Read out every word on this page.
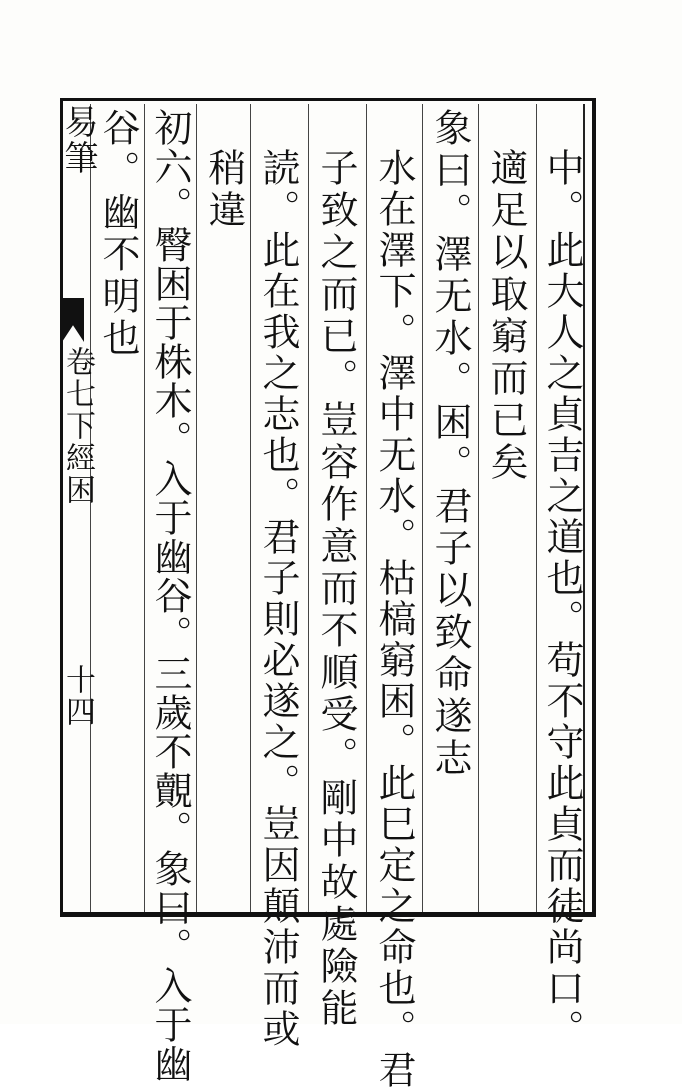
中。此大人之貞吉之道也。苟不守此貞而徒尚口。
適足以取窮而已矣
象曰。澤无水。困。君子以致命遂志
水在澤下。澤中无水。枯槁窮困。此巳定之命也。君
子致之而已。豈容作意而不順受。剛中故處險能
読。此在我之志也。君子則必遂之。豈因顛沛而或
稍違
初六。臀困于株木。入于幽谷。三歲不覿。象曰。入于幽
谷。幽不明也
易筆
卷七下經困
十四
